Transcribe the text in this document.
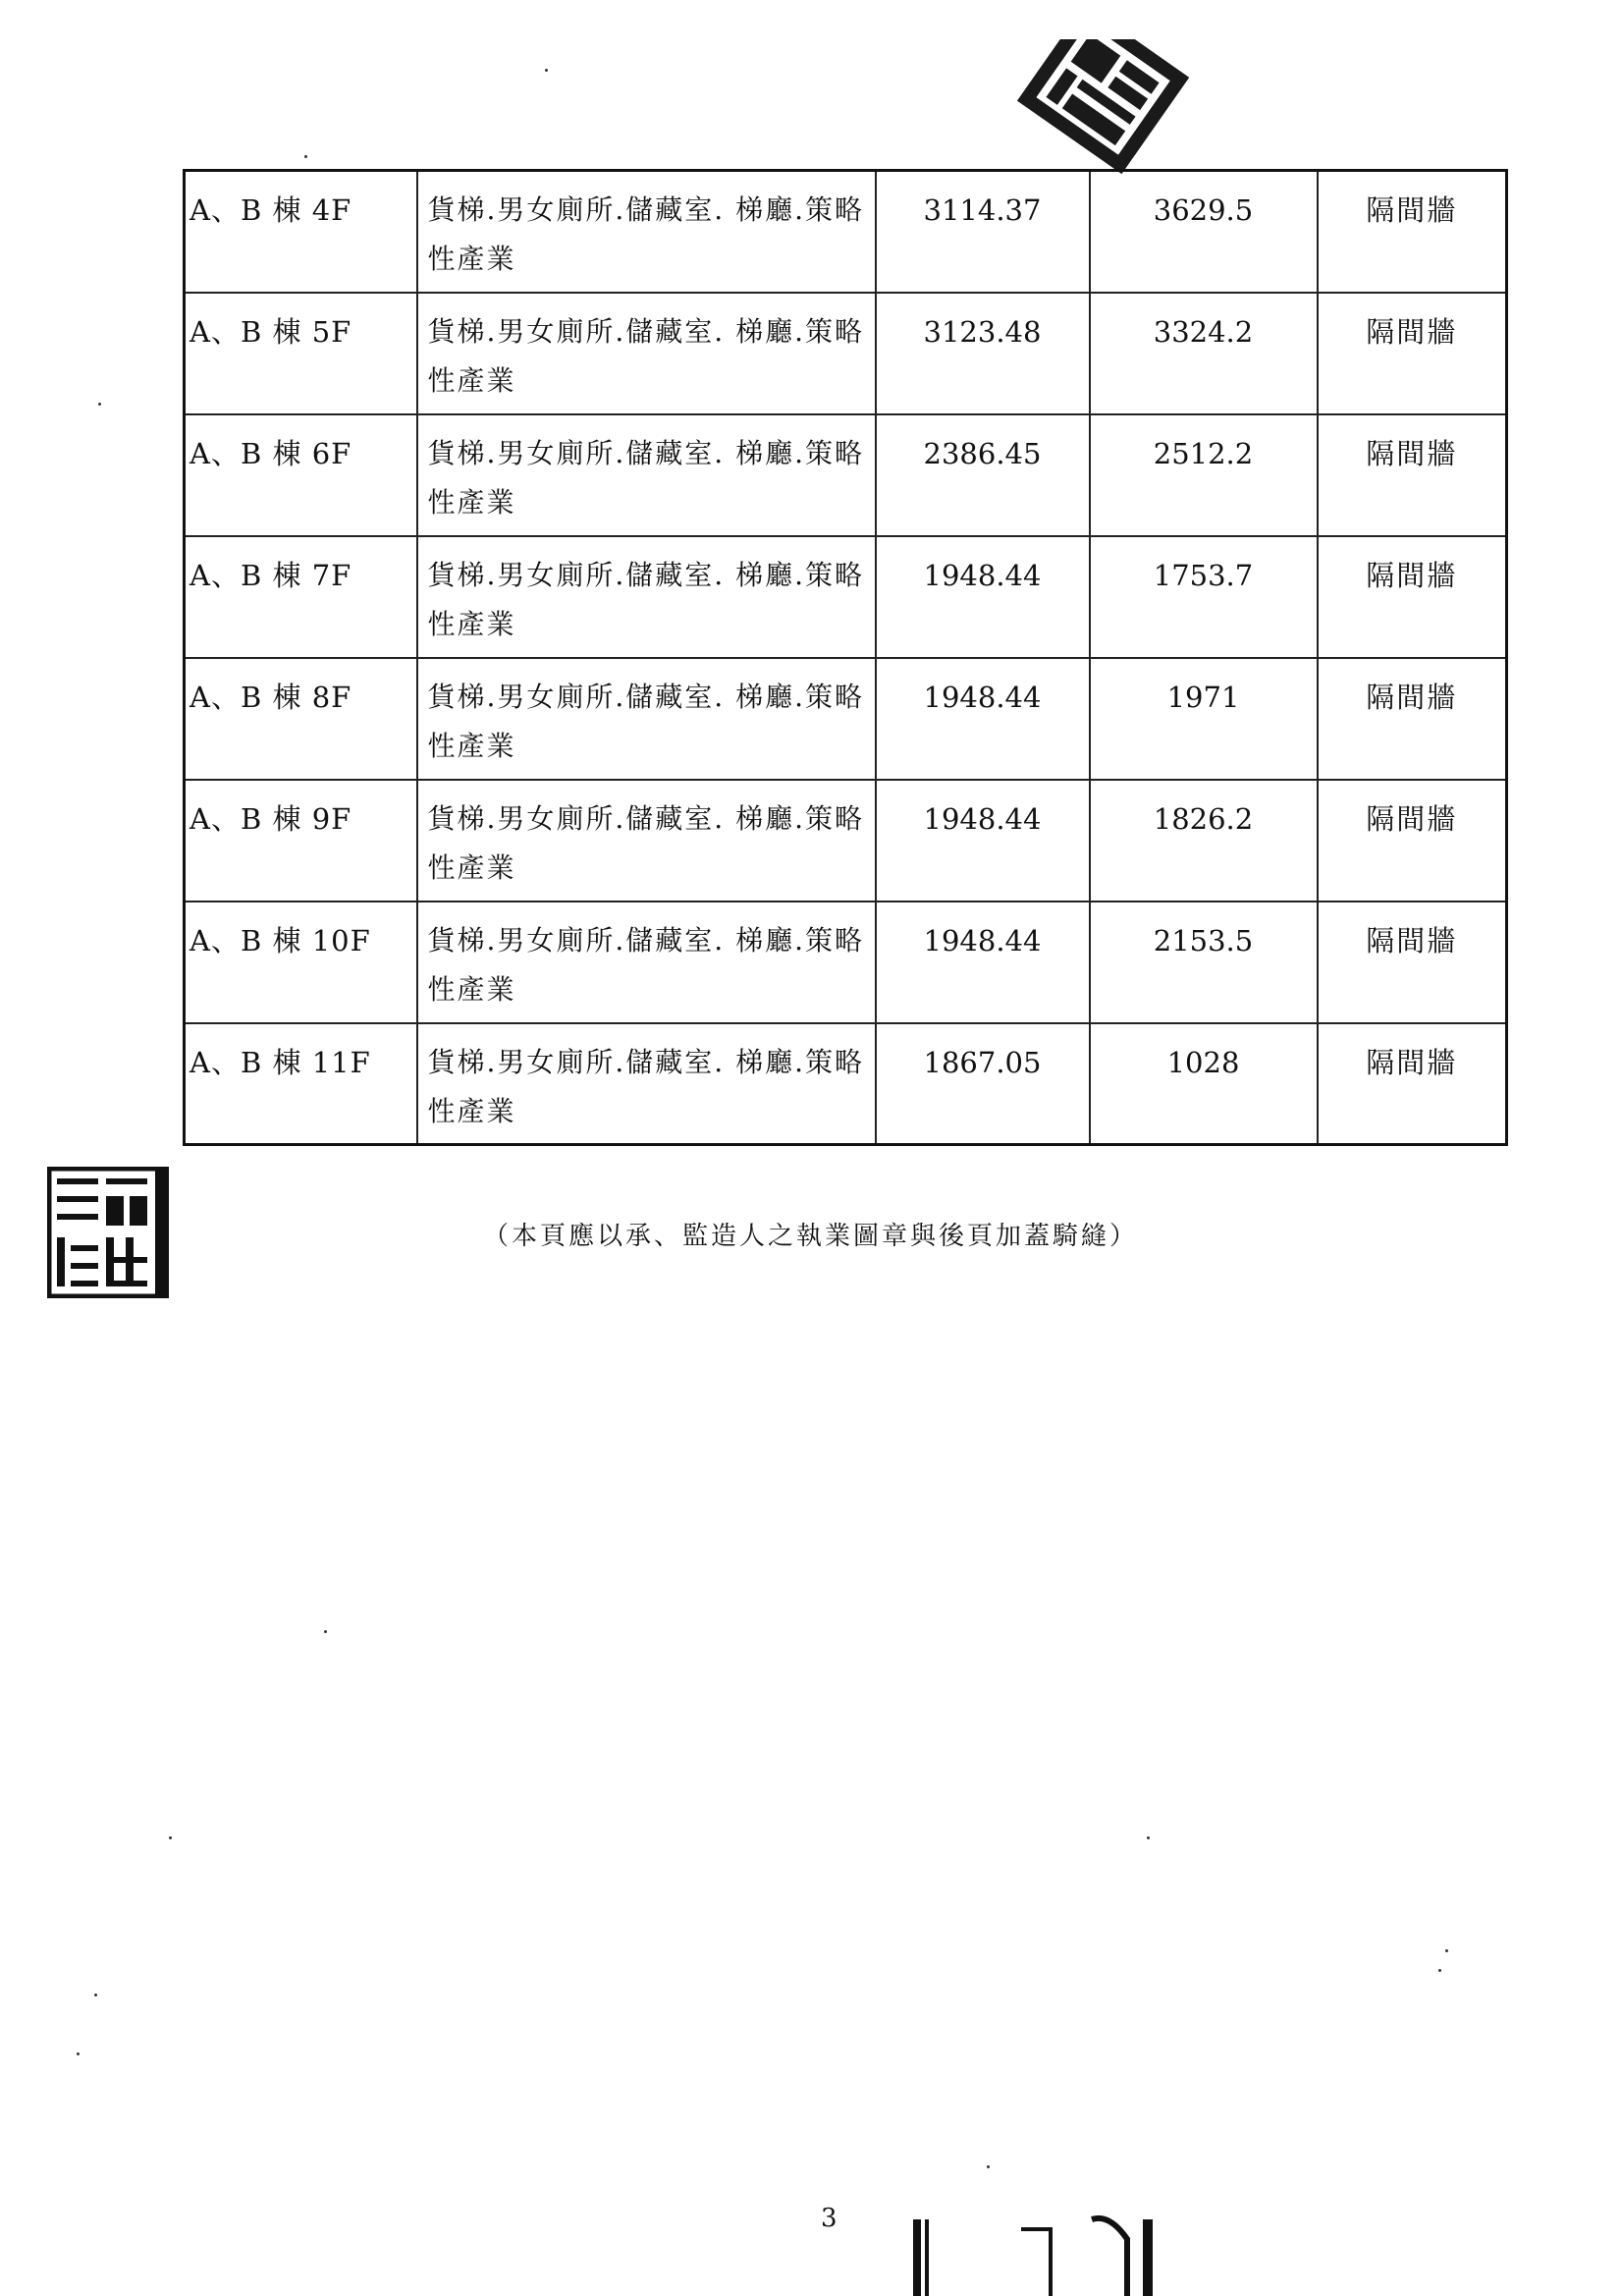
A、B 棟 4F	貨梯.男女廁所.儲藏室. 梯廳.策略性產業	3114.37	3629.5	隔間牆
A、B 棟 5F	貨梯.男女廁所.儲藏室. 梯廳.策略性產業	3123.48	3324.2	隔間牆
A、B 棟 6F	貨梯.男女廁所.儲藏室. 梯廳.策略性產業	2386.45	2512.2	隔間牆
A、B 棟 7F	貨梯.男女廁所.儲藏室. 梯廳.策略性產業	1948.44	1753.7	隔間牆
A、B 棟 8F	貨梯.男女廁所.儲藏室. 梯廳.策略性產業	1948.44	1971	隔間牆
A、B 棟 9F	貨梯.男女廁所.儲藏室. 梯廳.策略性產業	1948.44	1826.2	隔間牆
A、B 棟 10F	貨梯.男女廁所.儲藏室. 梯廳.策略性產業	1948.44	2153.5	隔間牆
A、B 棟 11F	貨梯.男女廁所.儲藏室. 梯廳.策略性產業	1867.05	1028	隔間牆
（本頁應以承、監造人之執業圖章與後頁加蓋騎縫）
3
